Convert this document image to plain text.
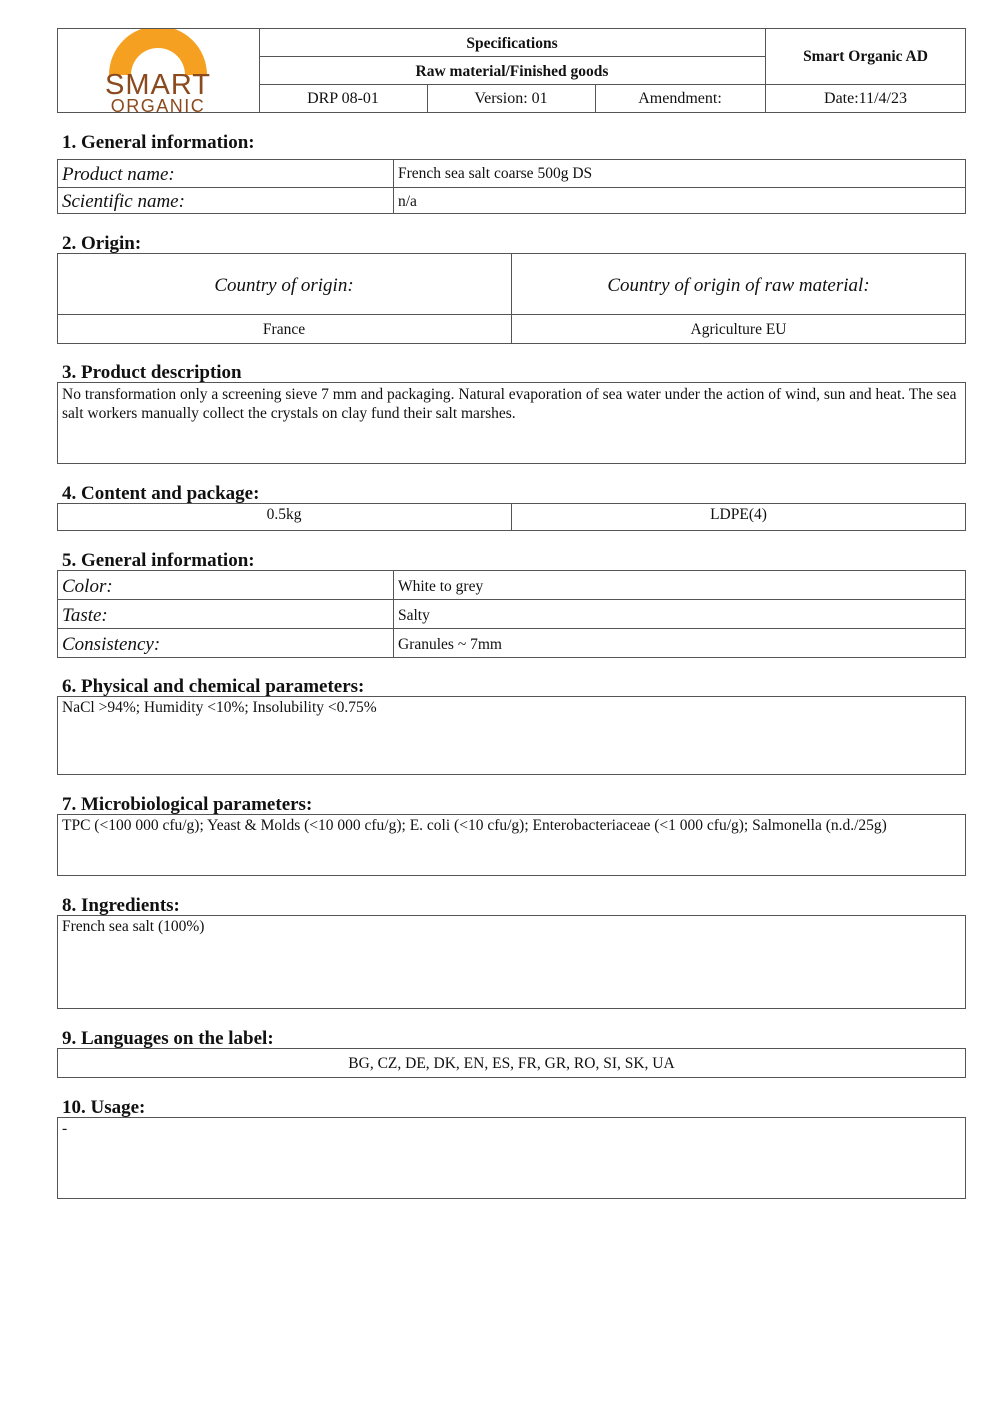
SMART
ORGANIC
Specifications
Raw material/Finished goods
Smart Organic AD
DRP 08-01	Version: 01	Amendment:	Date:11/4/23
1. General information:
Product name:	French sea salt coarse 500g DS
Scientific name:	n/a
2. Origin:
Country of origin:	Country of origin of raw material:
France	Agriculture EU
3. Product description
No transformation only a screening sieve 7 mm and packaging. Natural evaporation of sea water under the action of wind, sun and heat. The sea salt workers manually collect the crystals on clay fund their salt marshes.
4. Content and package:
0.5kg	LDPE(4)
5. General information:
Color:	White to grey
Taste:	Salty
Consistency:	Granules ~ 7mm
6. Physical and chemical parameters:
NaCl >94%; Humidity <10%; Insolubility <0.75%
7. Microbiological parameters:
TPC (<100 000 cfu/g); Yeast & Molds (<10 000 cfu/g); E. coli (<10 cfu/g); Enterobacteriaceae (<1 000 cfu/g); Salmonella (n.d./25g)
8. Ingredients:
French sea salt (100%)
9. Languages on the label:
BG, CZ, DE, DK, EN, ES, FR, GR, RO, SI, SK, UA
10. Usage:
-
